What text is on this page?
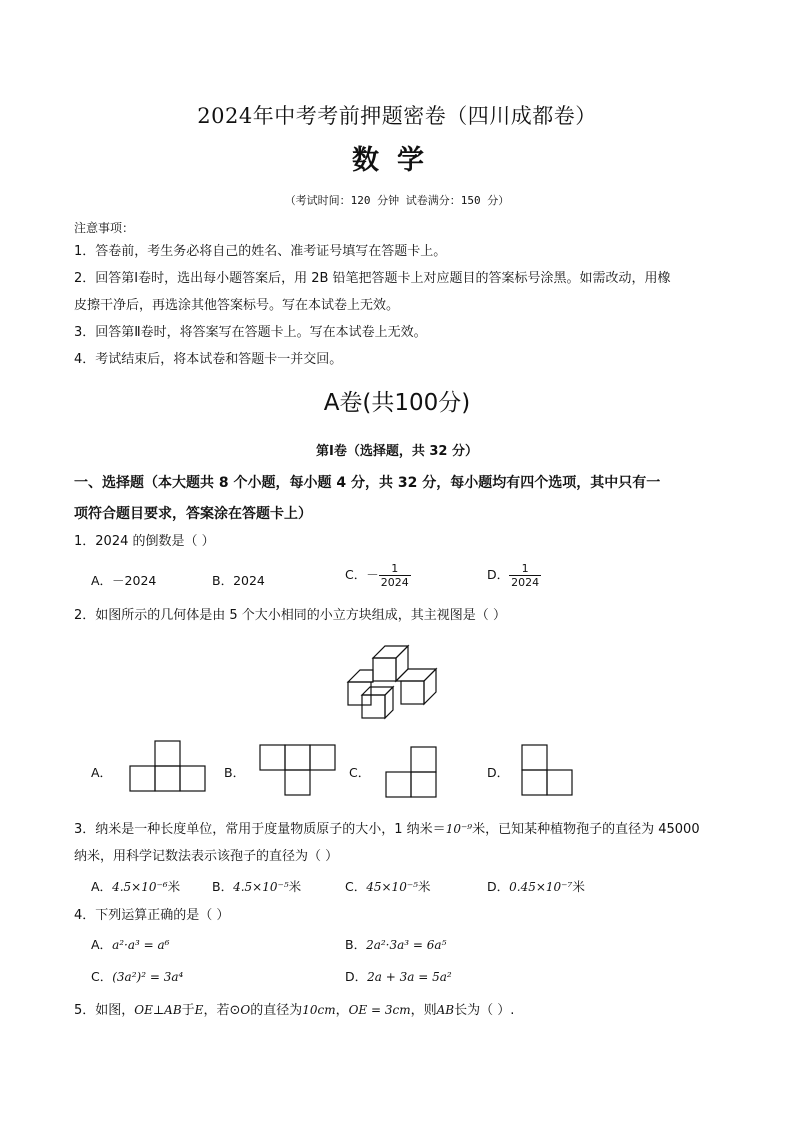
2024年中考考前押题密卷（四川成都卷）
数学
（考试时间：120 分钟 试卷满分：150 分）
注意事项：
1．答卷前，考生务必将自己的姓名、准考证号填写在答题卡上。
2．回答第Ⅰ卷时，选出每小题答案后，用 2B 铅笔把答题卡上对应题目的答案标号涂黑。如需改动，用橡
皮擦干净后，再选涂其他答案标号。写在本试卷上无效。
3．回答第Ⅱ卷时，将答案写在答题卡上。写在本试卷上无效。
4．考试结束后，将本试卷和答题卡一并交回。
A卷(共100分)
第Ⅰ卷（选择题，共 32 分）
一、选择题（本大题共 8 个小题，每小题 4 分，共 32 分，每小题均有四个选项，其中只有一
项符合题目要求，答案涂在答题卡上）
1．2024 的倒数是（ ）
A．－2024	B．2024	C．－ $\frac{1}{2024}$	D． $\frac{1}{2024}$
2．如图所示的几何体是由 5 个大小相同的小立方块组成，其主视图是（ ）
A．	B．	C．	D．
3．纳米是一种长度单位，常用于度量物质原子的大小，1 纳米＝10⁻⁹米，已知某种植物孢子的直径为 45000
纳米，用科学记数法表示该孢子的直径为（ ）
A．4.5×10⁻⁶米	B．4.5×10⁻⁵米	C．45×10⁻⁵米	D．0.45×10⁻⁷米
4．下列运算正确的是（ ）
A．a²·a³ = a⁶	B．2a²·3a³ = 6a⁵
C．(3a²)² = 3a⁴	D．2a + 3a = 5a²
5．如图，OE⊥AB于E，若⊙O的直径为10cm，OE = 3cm，则AB长为（ ）.
